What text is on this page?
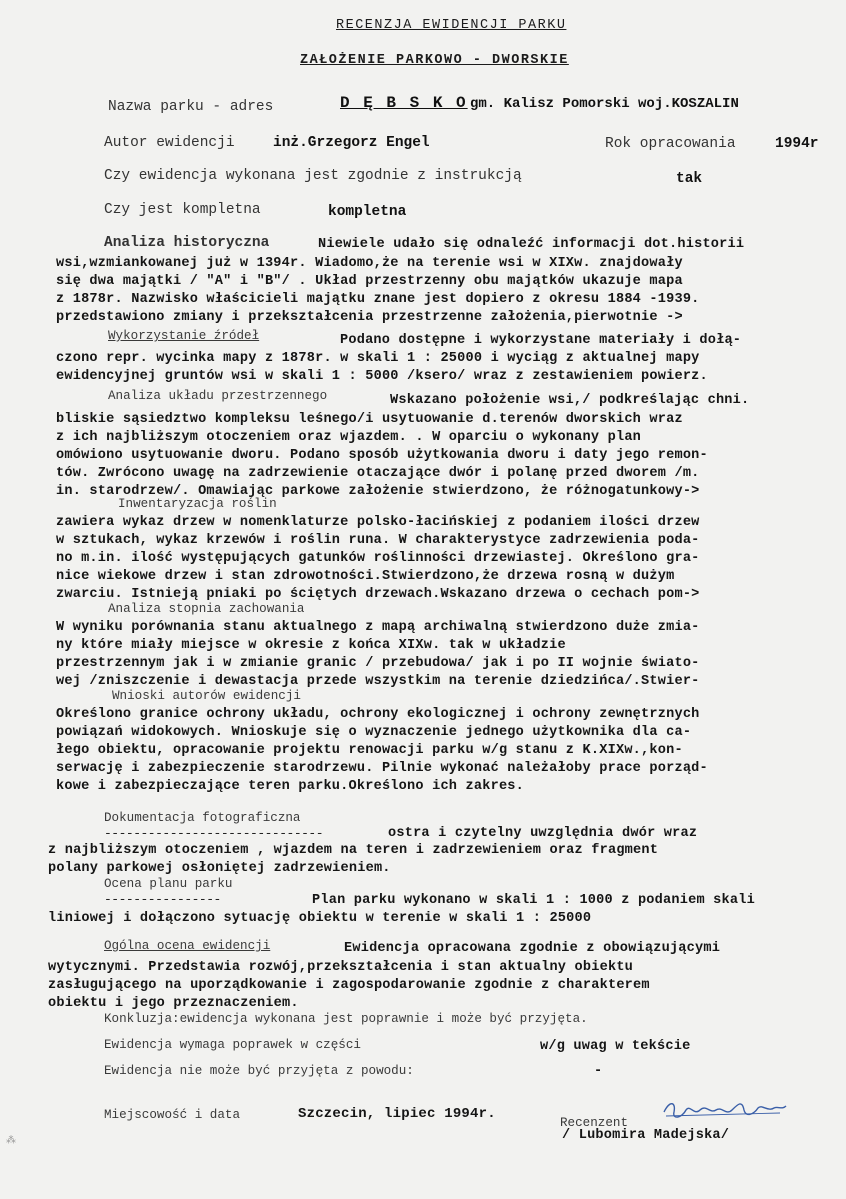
RECENZJA EWIDENCJI PARKU
ZAŁOŻENIE PARKOWO - DWORSKIE
Nazwa parku - adres	D Ę B S K O gm. Kalisz Pomorski woj.KOSZALIN
Autor ewidencji	inż.Grzegorz Engel	Rok opracowania	1994r
Czy ewidencja wykonana jest zgodnie z instrukcją	tak
Czy jest kompletna	kompletna
Analiza historyczna	Niewiele udało się odnaleźć informacji dot.historii
wsi,wzmiankowanej już w 1394r. Wiadomo,że na terenie wsi w XIXw. znajdowały
się dwa majątki / "A" i "B"/ . Układ przestrzenny obu majątków ukazuje mapa
z 1878r. Nazwisko właścicieli majątku znane jest dopiero z okresu 1884 -1939.
przedstawiono zmiany i przekształcenia przestrzenne założenia,pierwotnie ->
Wykorzystanie źródeł	Podano dostępne i wykorzystane materiały i dołą-
czono repr. wycinka mapy z 1878r. w skali 1 : 25000 i wyciąg z aktualnej mapy
ewidencyjnej gruntów wsi w skali 1 : 5000 /ksero/ wraz z zestawieniem powierz.
Analiza układu przestrzennego	Wskazano położenie wsi,/ podkreślając chni.
bliskie sąsiedztwo kompleksu leśnego/i usytuowanie d.terenów dworskich wraz
z ich najbliższym otoczeniem oraz wjazdem. . W oparciu o wykonany plan
omówiono usytuowanie dworu. Podano sposób użytkowania dworu i daty jego remon-
tów. Zwrócono uwagę na zadrzewienie otaczające dwór i polanę przed dworem /m.
in. starodrzew/. Omawiając parkowe założenie stwierdzono, że różnogatunkowy->
Inwentaryzacja roślin
zawiera wykaz drzew w nomenklaturze polsko-łacińskiej z podaniem ilości drzew
w sztukach, wykaz krzewów i roślin runa. W charakterystyce zadrzewienia poda-
no m.in. ilość występujących gatunków roślinności drzewiastej. Określono gra-
nice wiekowe drzew i stan zdrowotności.Stwierdzono,że drzewa rosną w dużym
zwarciu. Istnieją pniaki po ściętych drzewach.Wskazano drzewa o cechach pom->
Analiza stopnia zachowania
W wyniku porównania stanu aktualnego z mapą archiwalną stwierdzono duże zmia-
ny które miały miejsce w okresie z końca XIXw. tak w układzie
przestrzennym jak i w zmianie granic / przebudowa/ jak i po II wojnie świato-
wej /zniszczenie i dewastacja przede wszystkim na terenie dziedzińca/.Stwier-
Wnioski autorów ewidencji
Określono granice ochrony układu, ochrony ekologicznej i ochrony zewnętrznych
powiązań widokowych. Wnioskuje się o wyznaczenie jednego użytkownika dla ca-
łego obiektu, opracowanie projektu renowacji parku w/g stanu z K.XIXw.,kon-
serwację i zabezpieczenie starodrzewu. Pilnie wykonać należałoby prace porząd-
kowe i zabezpieczające teren parku.Określono ich zakres.
Dokumentacja fotograficzna
------------------------------	ostra i czytelny uwzględnia dwór wraz
z najbliższym otoczeniem , wjazdem na teren i zadrzewieniem oraz fragment
polany parkowej osłoniętej zadrzewieniem.
Ocena planu parku
----------------	Plan parku wykonano w skali 1 : 1000 z podaniem skali
liniowej i dołączono sytuację obiektu w terenie w skali 1 : 25000
Ogólna ocena ewidencji	Ewidencja opracowana zgodnie z obowiązującymi
wytycznymi. Przedstawia rozwój,przekształcenia i stan aktualny obiektu
zasługującego na uporządkowanie i zagospodarowanie zgodnie z charakterem
obiektu i jego przeznaczeniem.
Konkluzja:ewidencja wykonana jest poprawnie i może być przyjęta.
Ewidencja wymaga poprawek w części	w/g uwag w tekście
Ewidencja nie może być przyjęta z powodu:	-
Miejscowość i data	Szczecin, lipiec 1994r.
Recenzent
/ Lubomira Madejska/
⁂
